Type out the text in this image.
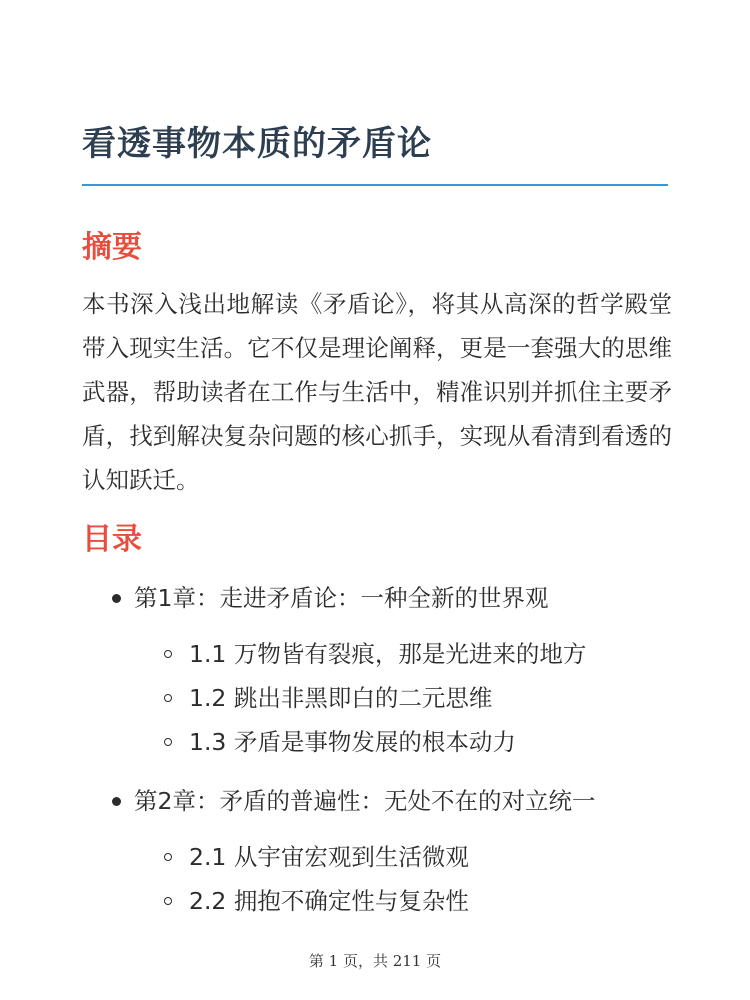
看透事物本质的矛盾论
摘要

本书深入浅出地解读《矛盾论》，将其从高深的哲学殿堂带入现实生活。它不仅是理论阐释，更是一套强大的思维武器，帮助读者在工作与生活中，精准识别并抓住主要矛盾，找到解决复杂问题的核心抓手，实现从看清到看透的认知跃迁。

目录
第1章：走进矛盾论：一种全新的世界观
1.1 万物皆有裂痕，那是光进来的地方
1.2 跳出非黑即白的二元思维
1.3 矛盾是事物发展的根本动力
第2章：矛盾的普遍性：无处不在的对立统一
2.1 从宇宙宏观到生活微观
2.2 拥抱不确定性与复杂性
第 1 页，共 211 页
